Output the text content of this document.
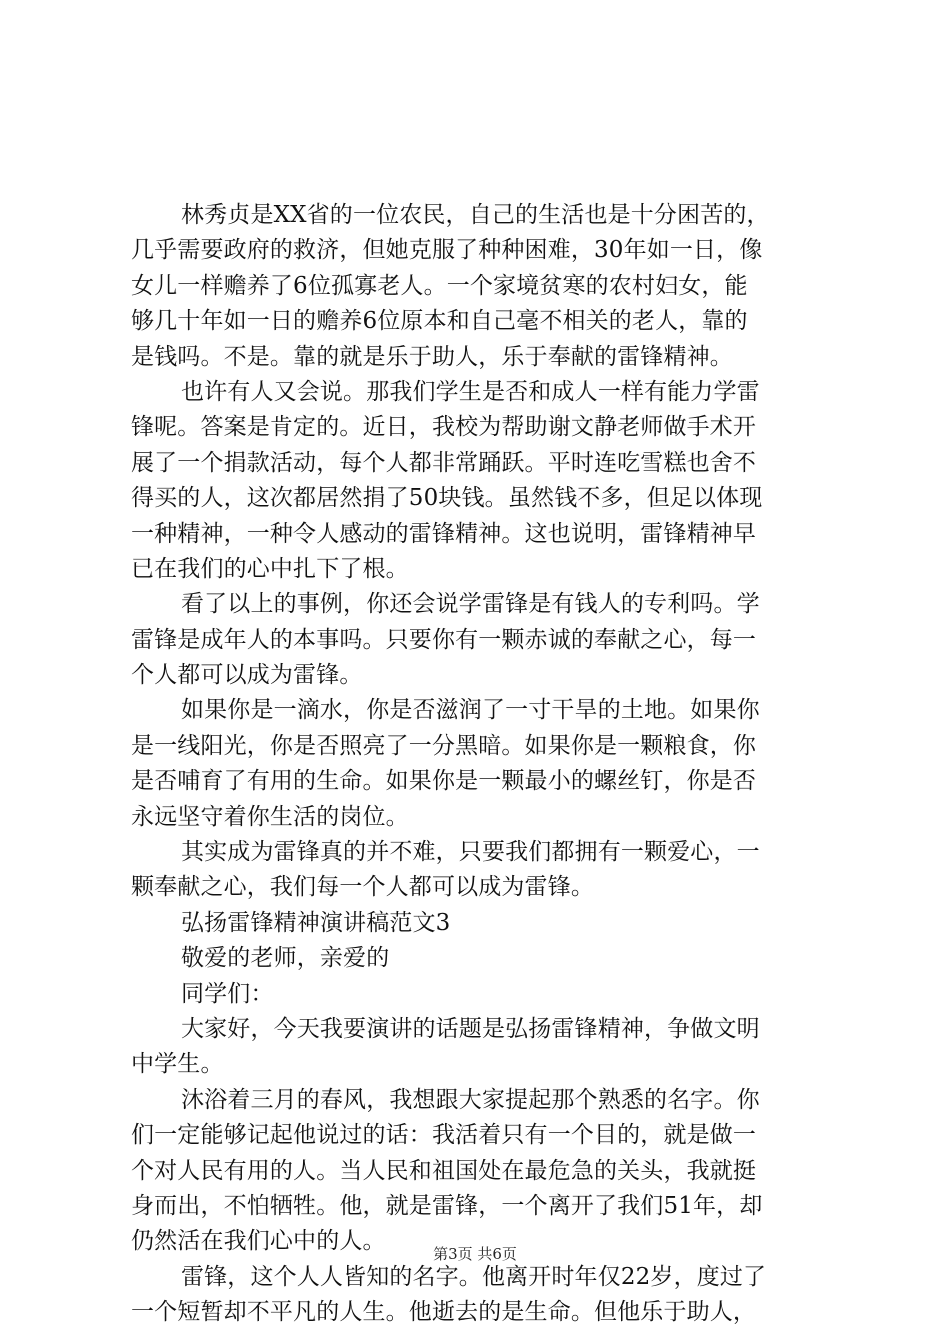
林秀贞是XX省的一位农民，自己的生活也是十分困苦的，
几乎需要政府的救济，但她克服了种种困难，30年如一日，像
女儿一样赡养了6位孤寡老人。一个家境贫寒的农村妇女，能
够几十年如一日的赡养6位原本和自己毫不相关的老人，靠的
是钱吗。不是。靠的就是乐于助人，乐于奉献的雷锋精神。
也许有人又会说。那我们学生是否和成人一样有能力学雷
锋呢。答案是肯定的。近日，我校为帮助谢文静老师做手术开
展了一个捐款活动，每个人都非常踊跃。平时连吃雪糕也舍不
得买的人，这次都居然捐了50块钱。虽然钱不多，但足以体现
一种精神，一种令人感动的雷锋精神。这也说明，雷锋精神早
已在我们的心中扎下了根。
看了以上的事例，你还会说学雷锋是有钱人的专利吗。学
雷锋是成年人的本事吗。只要你有一颗赤诚的奉献之心，每一
个人都可以成为雷锋。
如果你是一滴水，你是否滋润了一寸干旱的土地。如果你
是一线阳光，你是否照亮了一分黑暗。如果你是一颗粮食，你
是否哺育了有用的生命。如果你是一颗最小的螺丝钉，你是否
永远坚守着你生活的岗位。
其实成为雷锋真的并不难，只要我们都拥有一颗爱心，一
颗奉献之心，我们每一个人都可以成为雷锋。
弘扬雷锋精神演讲稿范文3
敬爱的老师，亲爱的
同学们：
大家好，今天我要演讲的话题是弘扬雷锋精神，争做文明
中学生。
沐浴着三月的春风，我想跟大家提起那个熟悉的名字。你
们一定能够记起他说过的话：我活着只有一个目的，就是做一
个对人民有用的人。当人民和祖国处在最危急的关头，我就挺
身而出，不怕牺牲。他，就是雷锋，一个离开了我们51年，却
仍然活在我们心中的人。
雷锋，这个人人皆知的名字。他离开时年仅22岁，度过了
一个短暂却不平凡的人生。他逝去的是生命。但他乐于助人，
第3页 共6页
